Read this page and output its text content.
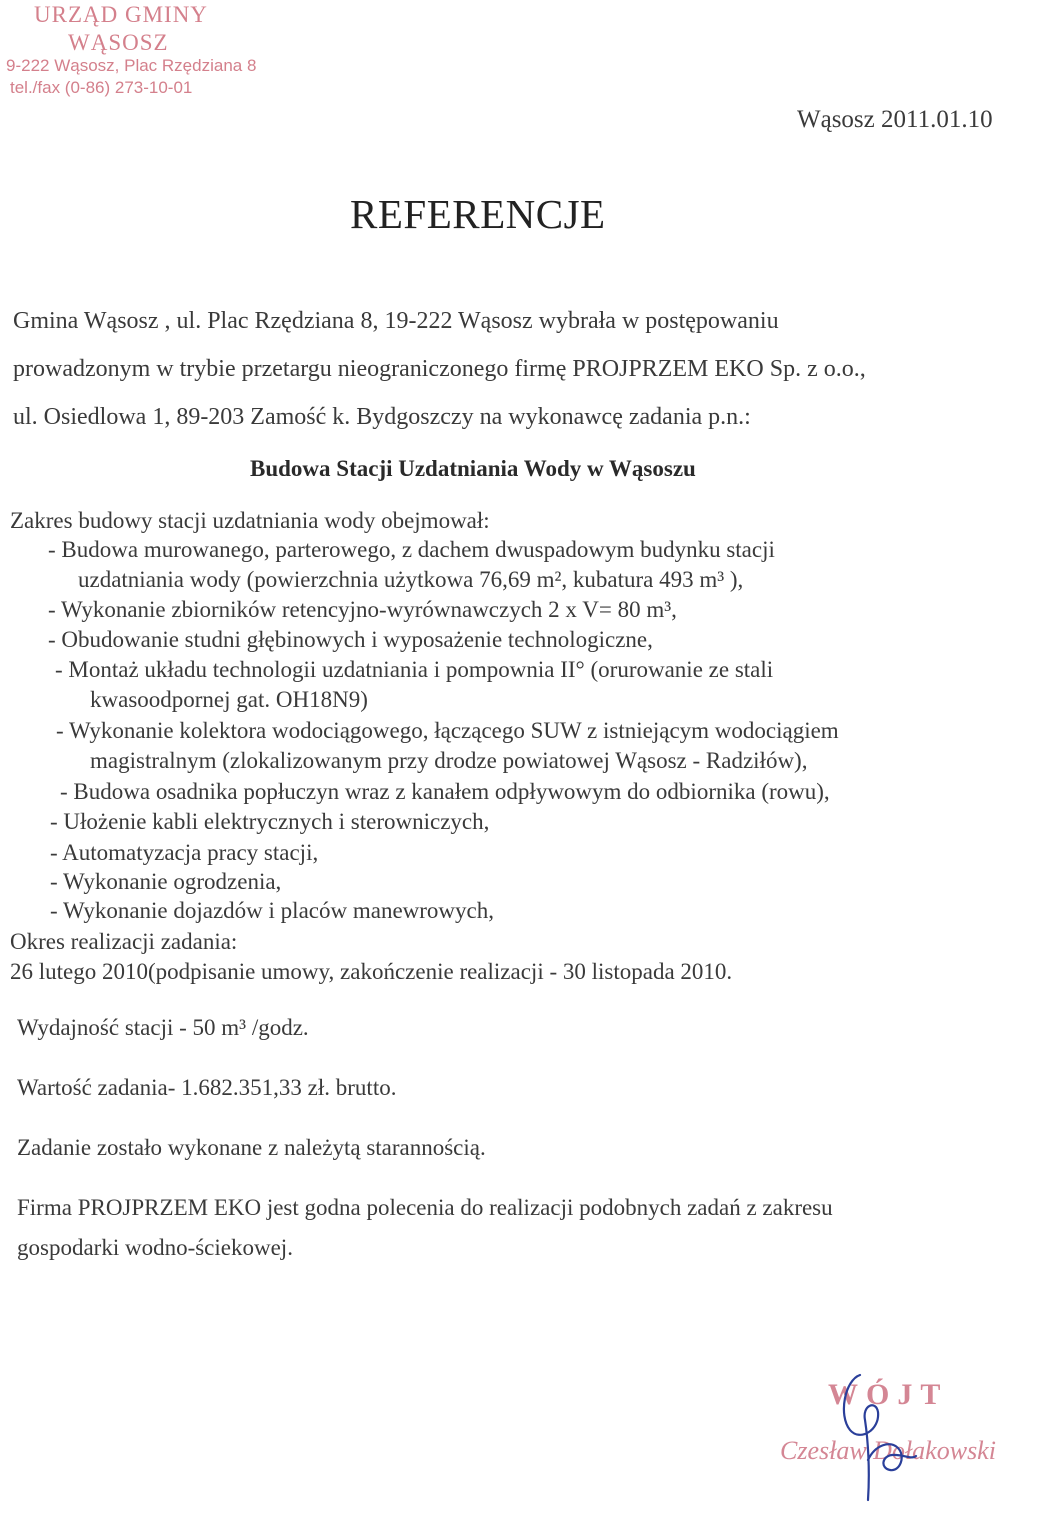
URZĄD GMINY
WĄSOSZ
9-222 Wąsosz, Plac Rzędziana 8
tel./fax (0-86) 273-10-01
Wąsosz 2011.01.10
REFERENCJE
Gmina Wąsosz , ul. Plac Rzędziana 8, 19-222 Wąsosz wybrała w postępowaniu
prowadzonym w trybie przetargu nieograniczonego firmę PROJPRZEM EKO Sp. z o.o.,
ul. Osiedlowa 1, 89-203 Zamość k. Bydgoszczy na wykonawcę zadania p.n.:
Budowa Stacji Uzdatniania Wody w Wąsoszu
Zakres budowy stacji uzdatniania wody obejmował:
- Budowa murowanego, parterowego, z dachem dwuspadowym budynku stacji
uzdatniania wody (powierzchnia użytkowa 76,69 m², kubatura 493 m³ ),
- Wykonanie zbiorników retencyjno-wyrównawczych 2 x V= 80 m³,
- Obudowanie studni głębinowych i wyposażenie technologiczne,
- Montaż układu technologii uzdatniania i pompownia II° (orurowanie ze stali
kwasoodpornej gat. OH18N9)
- Wykonanie kolektora wodociągowego, łączącego SUW z istniejącym wodociągiem
magistralnym (zlokalizowanym przy drodze powiatowej Wąsosz - Radziłów),
- Budowa osadnika popłuczyn wraz z kanałem odpływowym do odbiornika (rowu),
- Ułożenie kabli elektrycznych i sterowniczych,
- Automatyzacja pracy stacji,
- Wykonanie ogrodzenia,
- Wykonanie dojazdów i placów manewrowych,
Okres realizacji zadania:
26 lutego 2010(podpisanie umowy, zakończenie realizacji - 30 listopada 2010.
Wydajność stacji - 50 m³ /godz.
Wartość zadania- 1.682.351,33 zł. brutto.
Zadanie zostało wykonane z należytą starannością.
Firma PROJPRZEM EKO jest godna polecenia do realizacji podobnych zadań z zakresu
gospodarki wodno-ściekowej.
WÓJT
Czesław Dołakowski
